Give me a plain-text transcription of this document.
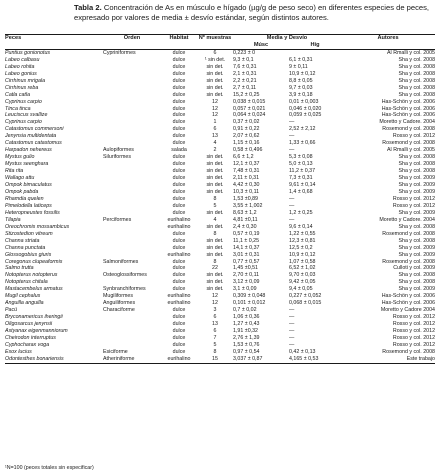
Tabla 2. Concentración de As en músculo e hígado (µg/g de peso seco) en diferentes especies de peces, expresado por valores de media ± desvío estándar, según distintos autores.
Peces	Orden	Habitat	Nº muestras	Media y Desvío		Autores
				Músc	Híg	
Puntius gonionotus	Cypriniformes	dulce	6	0,223 ± 0		Al Rmalli y col. 2005
Labeo calbasu		dulce	¹ sin det.	9,3 ± 0,1	6,1 ± 0,31	Sha y col. 2008
Labeo rohita		dulce	sin det.	7,6 ± 0,31	9 ± 0,11	Sha y col. 2008
Labeo gonius		dulce	sin det.	2,1 ± 0,31	10,9 ± 0,12	Sha y col. 2008
Cirrhinus mrigala		dulce	sin det.	2,2 ± 0,21	8,8 ± 0,05	Sha y col. 2008
Cirrhinus reba		dulce	sin det.	2,7 ± 0,11	9,7 ± 0,03	Sha y col. 2008
Catla catla		dulce	sin det.	15,2 ± 0,25	3,9 ± 0,18	Sha y col. 2008
Cyprinus carpio		dulce	12	0,038 ± 0,015	0,01 ± 0,003	Has-Schön y col. 2006
Tinca tinca		dulce	12	0,057 ± 0,021	0,046 ± 0,020	Has-Schön y col. 2006
Leuciscus svallize		dulce	12	0,064 ± 0,024	0,059 ± 0,025	Has-Schön y col. 2006
Cyprinus carpio		dulce	1	0,37 ± 0,02	—	Moretto y Cadore. 2004
Catastomus commersoni		dulce	6	0,91 ± 0,22	2,52 ± 2,12	Rosemond y col. 2008
Jenynsia multidentata		dulce	13	2,07 ± 0,62	—	Rosso y col. 2012
Catastomus catastomus		dulce	4	1,15 ± 0,16	1,33 ± 0,66	Rosemond y col. 2008
Harpadon nehereus	Aulopiformes	salada	2	0,58 ± 0,496	—	Al Rmalli y col. 2005
Mystus gulio	Siluriformes	dulce	sin det.	6,6 ± 1,2	5,3 ± 0,08	Sha y col. 2008
Mystus seenghara		dulce	sin det.	12,1 ± 0,37	5,0 ± 0,13	Sha y col. 2008
Rita rita		dulce	sin det.	7,48 ± 0,31	11,2 ± 0,37	Sha y col. 2008
Wallago attu		dulce	sin det.	2,11 ± 0,31	7,3 ± 0,31	Sha y col. 2009
Ompok bimaculatus		dulce	sin det.	4,42 ± 0,30	9,61 ± 0,14	Sha y col. 2009
Ompok pabda		dulce	sin det.	10,3 ± 0,11	1,4 ± 0,68	Sha y col. 2009
Rhamdia quelen		dulce	8	1,53 ±0,89	—	Rosso y col. 2012
Pimelodella laticeps		dulce	5	3,55 ± 1,002	—	Rosso y col. 2012
Heteropneustes fossilis		dulce	sin det.	8,63 ± 1,2	1,2 ± 0,25	Sha y col. 2009
Tilapia	Perciformes	eurihalino	4	4,81 ±0,11	—	Moretto y Cadore. 2004
Oreochromis mossambicus		eurihalino	sin det.	2,4 ± 0,30	9,6 ± 0,14	Sha y col. 2008
Stizostedion vitreum		dulce	8	0,57 ± 0,19	1,22 ± 0,55	Rosemond y col. 2008
Channa striata		dulce	sin det.	11,1 ± 0,25	12,3 ± 0,81	Sha y col. 2008
Channa punctata		dulce	sin det.	14,1 ± 0,37	12,5 ± 0,2	Sha y col. 2009
Glossogobius giuris		eurihalino	sin det.	3,01 ± 0,31	10,9 ± 0,12	Sha y col. 2009
Coregonus clupeaformis	Salmoniformes	dulce	8	0,77 ± 0,57	1,07 ± 0,58	Rosemond y col. 2008
Salmo trutta		dulce	22	1,45 ±0,51	6,52 ± 1,02	Culloti y col. 2009
Notopterus notopterus	Osteoglossiformes	dulce	sin det.	2,70 ± 0,11	9,70 ± 0,03	Sha y col. 2008
Notopterus chitala		dulce	sin det.	3,12 ± 0,09	9,42 ± 0,05	Sha y col. 2008
Mastacembelus armatus	Synbranchiformes	dulce	sin det.	3,1 ± 0,09	9,4 ± 0,05	Sha y col. 2009
Mugil cephalus	Mugiliformes	eurihalino	12	0,309 ± 0,048	0,227 ± 0,052	Has-Schön y col. 2006
Anguilla anguilla	Anguiliformes	eurihalino	12	0,101 ± 0,012	0,068 ± 0,015	Has-Schön y col. 2006
Pacú	Characiforme	dulce	3	0,7 ± 0,02	—	Moretto y Cadore 2004
Bryconamericus iheringii		dulce	6	1,06 ± 0,36	—	Rosso y col. 2012
Oligosarcus jenynsii		dulce	13	1,27 ± 0,43	—	Rosso y col. 2012
Astyanax eigenmanniorum		dulce	6	1,91 ±0,32	—	Rosso y col. 2012
Cheirodon interruptus		dulce	7	2,76 ± 1,39	—	Rosso y col. 2012
Cyphocharax voga		dulce	5	1,53 ± 0,76	—	Rosso y col. 2012
Esox lucius	Esiciforme	dulce	8	0,97 ± 0,54	0,42 ± 0,13	Rosemond y col. 2008
Odontesthes bonariensis	Atheriniforme	eurihalino	15	3,037 ± 0,87	4,165 ± 0,53	Este trabajo
¹N=100 (peces totales sin especificar)
